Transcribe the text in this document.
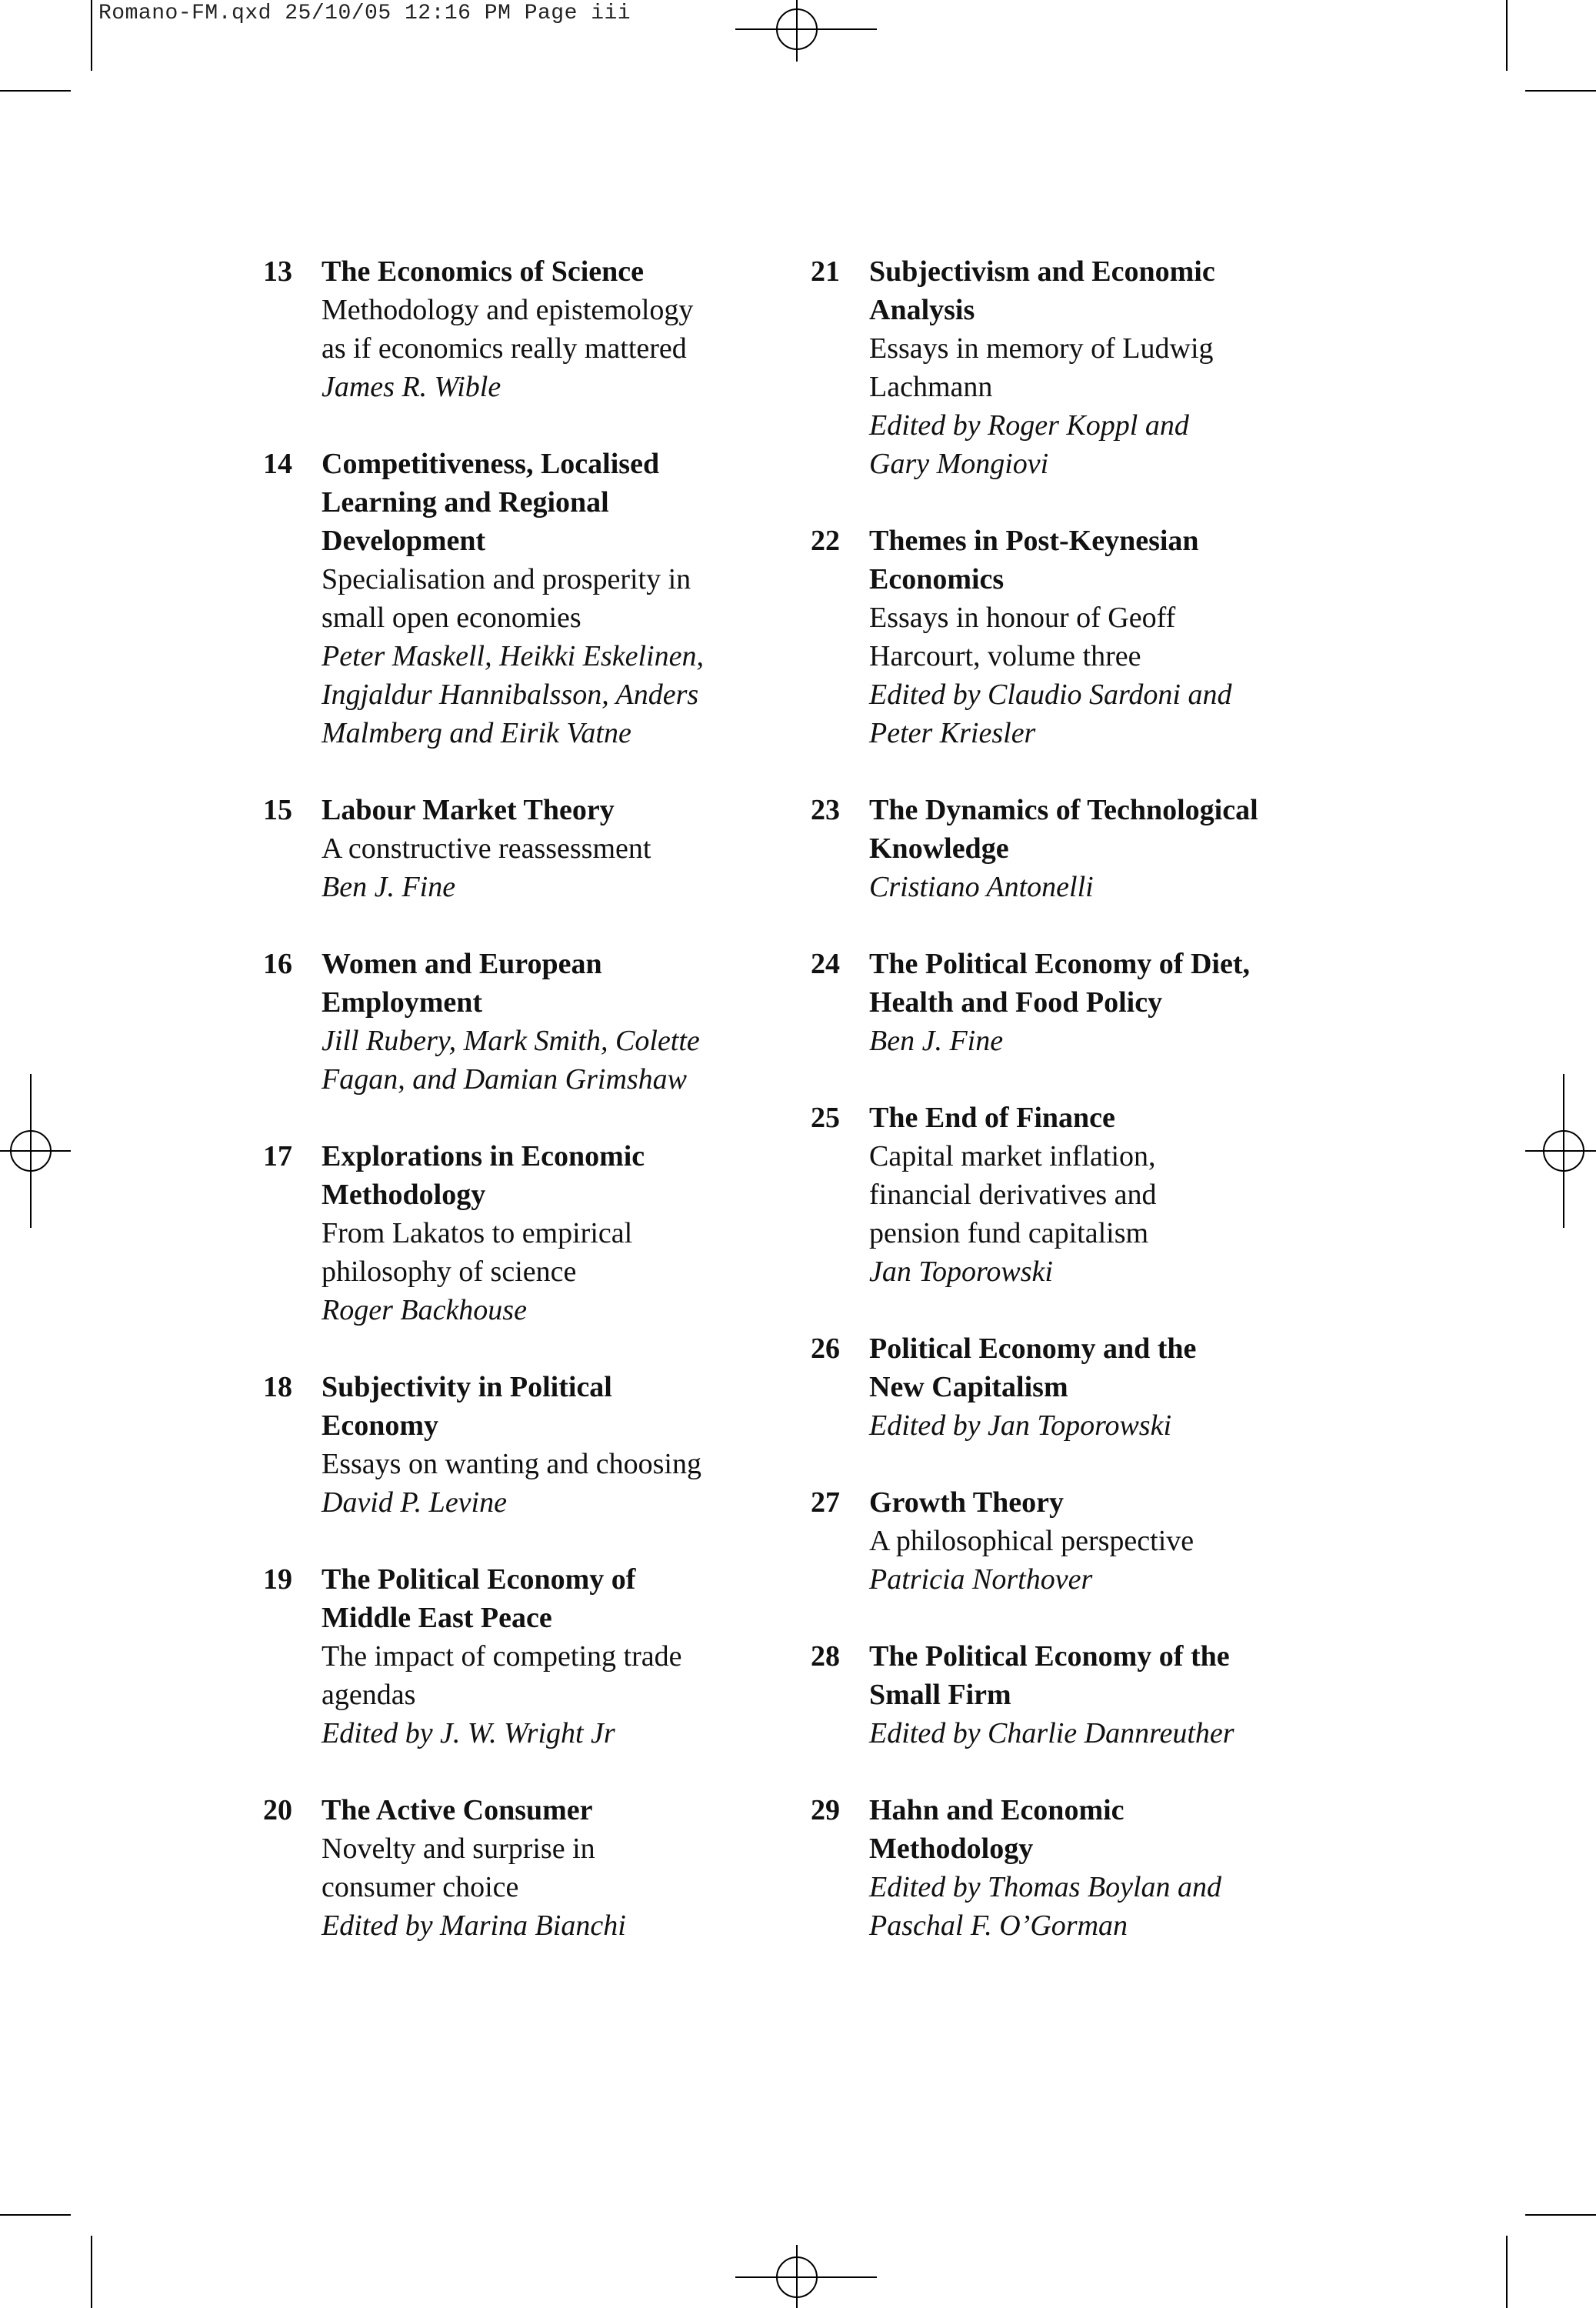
Romano-FM.qxd 25/10/05 12:16 PM Page iii
13 The Economics of Science
Methodology and epistemology
as if economics really mattered
James R. Wible
14 Competitiveness, Localised
Learning and Regional
Development
Specialisation and prosperity in
small open economies
Peter Maskell, Heikki Eskelinen,
Ingjaldur Hannibalsson, Anders
Malmberg and Eirik Vatne
15 Labour Market Theory
A constructive reassessment
Ben J. Fine
16 Women and European
Employment
Jill Rubery, Mark Smith, Colette
Fagan, and Damian Grimshaw
17 Explorations in Economic
Methodology
From Lakatos to empirical
philosophy of science
Roger Backhouse
18 Subjectivity in Political
Economy
Essays on wanting and choosing
David P. Levine
19 The Political Economy of
Middle East Peace
The impact of competing trade
agendas
Edited by J. W. Wright Jr
20 The Active Consumer
Novelty and surprise in
consumer choice
Edited by Marina Bianchi
21 Subjectivism and Economic
Analysis
Essays in memory of Ludwig
Lachmann
Edited by Roger Koppl and
Gary Mongiovi
22 Themes in Post-Keynesian
Economics
Essays in honour of Geoff
Harcourt, volume three
Edited by Claudio Sardoni and
Peter Kriesler
23 The Dynamics of Technological
Knowledge
Cristiano Antonelli
24 The Political Economy of Diet,
Health and Food Policy
Ben J. Fine
25 The End of Finance
Capital market inflation,
financial derivatives and
pension fund capitalism
Jan Toporowski
26 Political Economy and the
New Capitalism
Edited by Jan Toporowski
27 Growth Theory
A philosophical perspective
Patricia Northover
28 The Political Economy of the
Small Firm
Edited by Charlie Dannreuther
29 Hahn and Economic
Methodology
Edited by Thomas Boylan and
Paschal F. O’Gorman
